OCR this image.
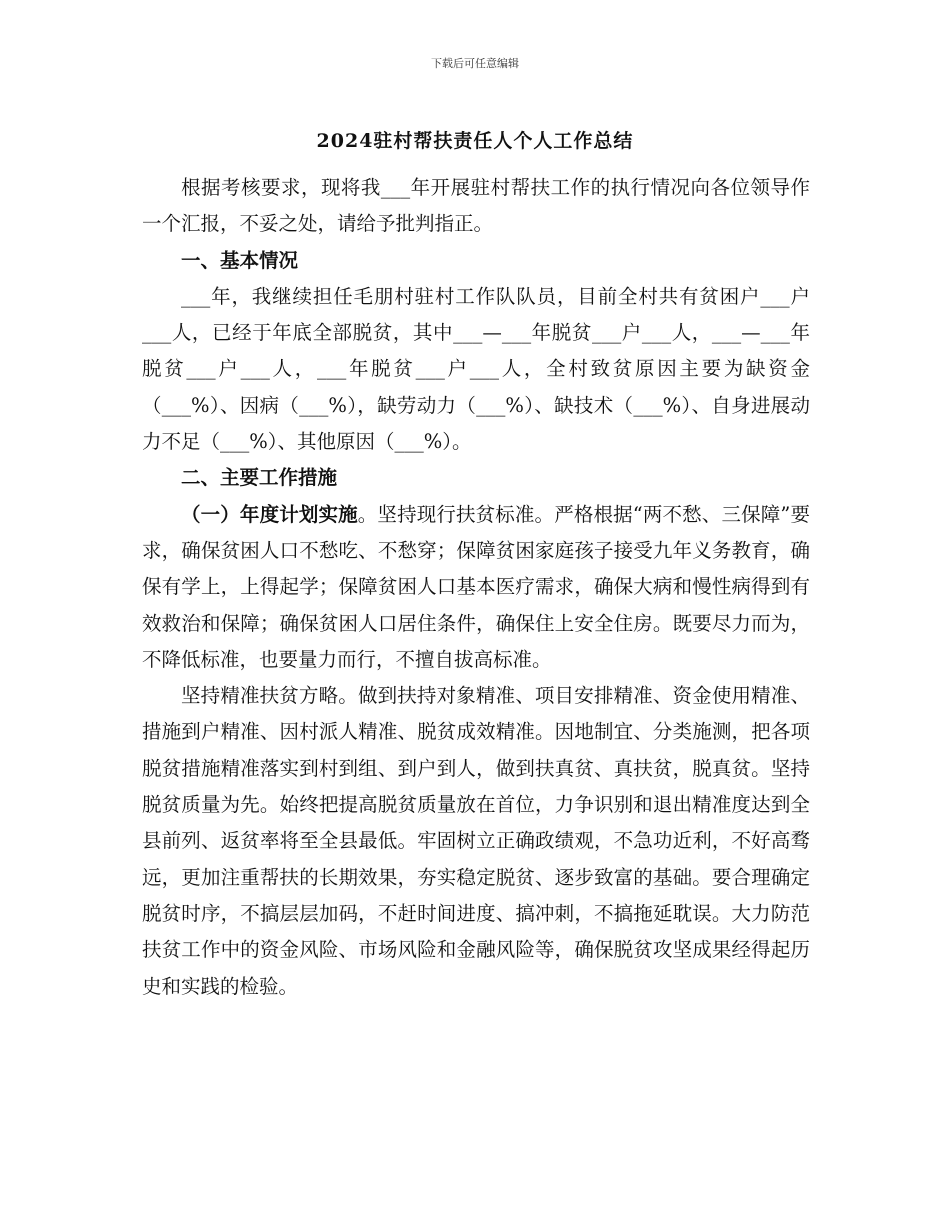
下载后可任意编辑
2024驻村帮扶责任人个人工作总结

根据考核要求，现将我___年开展驻村帮扶工作的执行情况向各位领导作一个汇报，不妥之处，请给予批判指正。

一、基本情况

___年，我继续担任毛朋村驻村工作队队员，目前全村共有贫困户___户___人，已经于年底全部脱贫，其中___—___年脱贫___户___人，___—___年脱贫___户___人，___年脱贫___户___人，全村致贫原因主要为缺资金（___%）、因病（___%），缺劳动力（___%）、缺技术（___%）、自身进展动力不足（___%）、其他原因（___%）。

二、主要工作措施

（一）年度计划实施。坚持现行扶贫标准。严格根据“两不愁、三保障”要求，确保贫困人口不愁吃、不愁穿；保障贫困家庭孩子接受九年义务教育，确保有学上，上得起学；保障贫困人口基本医疗需求，确保大病和慢性病得到有效救治和保障；确保贫困人口居住条件，确保住上安全住房。既要尽力而为，不降低标准，也要量力而行，不擅自拔高标准。

坚持精准扶贫方略。做到扶持对象精准、项目安排精准、资金使用精准、措施到户精准、因村派人精准、脱贫成效精准。因地制宜、分类施测，把各项脱贫措施精准落实到村到组、到户到人，做到扶真贫、真扶贫，脱真贫。坚持脱贫质量为先。始终把提高脱贫质量放在首位，力争识别和退出精准度达到全县前列、返贫率将至全县最低。牢固树立正确政绩观，不急功近利，不好高骛远，更加注重帮扶的长期效果，夯实稳定脱贫、逐步致富的基础。要合理确定脱贫时序，不搞层层加码，不赶时间进度、搞冲刺，不搞拖延耽误。大力防范扶贫工作中的资金风险、市场风险和金融风险等，确保脱贫攻坚成果经得起历史和实践的检验。
